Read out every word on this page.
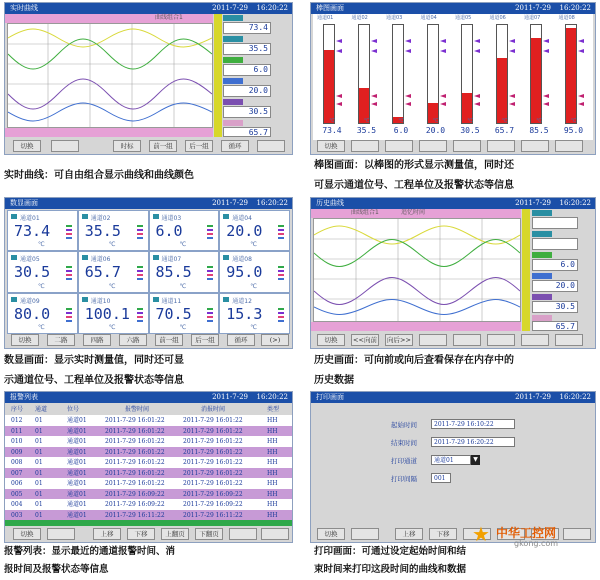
实时曲线	2011-7-29 16:20:22
曲线组合1
73.4
35.5
6.0
20.0
30.5
65.7
切换	时标	前一组	后一组	循环
实时曲线：可自由组合显示曲线和曲线颜色
棒图画面	2011-7-29 16:20:22
通道01
73.4
℃
通道02
35.5
℃
通道03
6.0
℃
通道04
20.0
℃
通道05
30.5
℃
通道06
65.7
℃
通道07
85.5
℃
通道08
95.0
℃
切换
棒图画面：以棒图的形式显示测量值，同时还
可显示通道位号、工程单位及报警状态等信息
数显画面	2011-7-29 16:20:22
通道01
73.4
℃
通道02
35.5
℃
通道03
6.0
℃
通道04
20.0
℃
通道05
30.5
℃
通道06
65.7
℃
通道07
85.5
℃
通道08
95.0
℃
通道09
80.0
℃
通道10
100.1
℃
通道11
70.5
℃
通道12
15.3
℃
切换	二路	四路	六路	前一组	后一组	循环	(>)
数显画面：显示实时测量值，同时还可显
示通道位号、工程单位及报警状态等信息
历史曲线	2011-7-29 16:20:22
曲线组合1	追忆时间
6.0
20.0
30.5
65.7
切换	<<向前	向后>>
历史画面：可向前或向后查看保存在内存中的
历史数据
报警列表	2011-7-29 16:20:22
序号 通道	位号	报警时间	消报时间	类型
012 01	通道01	2011-7-29 16:01:22	2011-7-29 16:01:22	HH
011 01	通道01	2011-7-29 16:01:22	2011-7-29 16:01:22	HH
010 01	通道01	2011-7-29 16:01:22	2011-7-29 16:01:22	HH
009 01	通道01	2011-7-29 16:01:22	2011-7-29 16:01:22	HH
008 01	通道01	2011-7-29 16:01:22	2011-7-29 16:01:22	HH
007 01	通道01	2011-7-29 16:01:22	2011-7-29 16:01:22	HH
006 01	通道01	2011-7-29 16:01:22	2011-7-29 16:01:22	HH
005 01	通道01	2011-7-29 16:09:22	2011-7-29 16:09:22	HH
004 01	通道01	2011-7-29 16:09:22	2011-7-29 16:09:22	HH
003 01	通道01	2011-7-29 16:11:22	2011-7-29 16:11:22	HH
切换	上移	下移	上翻页	下翻页
报警列表：显示最近的通道报警时间、消
报时间及报警状态等信息
打印画面	2011-7-29 16:20:22
起始时间	2011-7-29 16:10:22
结束时间	2011-7-29 16:20:22
打印通道	通道01	▼
打印间隔	001
切换	上移	下移	★ 中华工控网
gkong.com
打印画面：可通过设定起始时间和结
束时间来打印这段时间的曲线和数据
